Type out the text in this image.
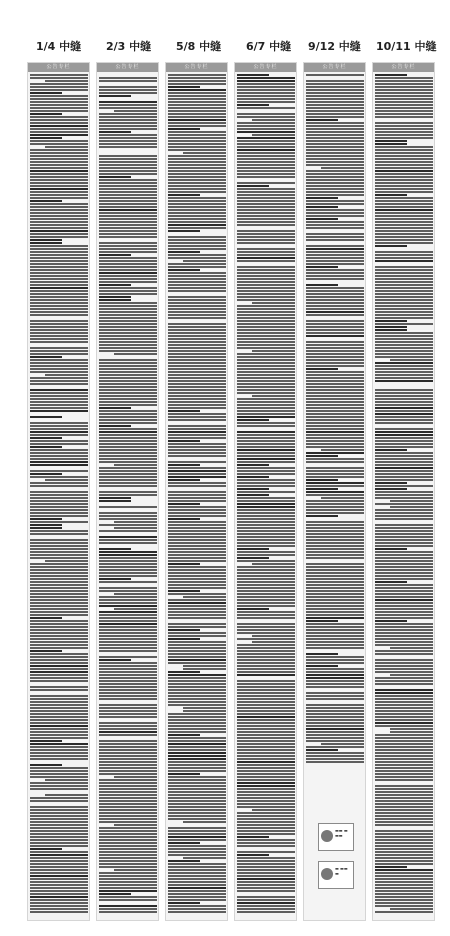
1/4 中缝 2/3 中缝 5/8 中缝 6/7 中缝 9/12 中缝 10/11 中缝
公告专栏	公告专栏	公告专栏	公告专栏	公告专栏
▬▬ ▬ ▬▬
▬ ▬▬ ▬
公告专栏
